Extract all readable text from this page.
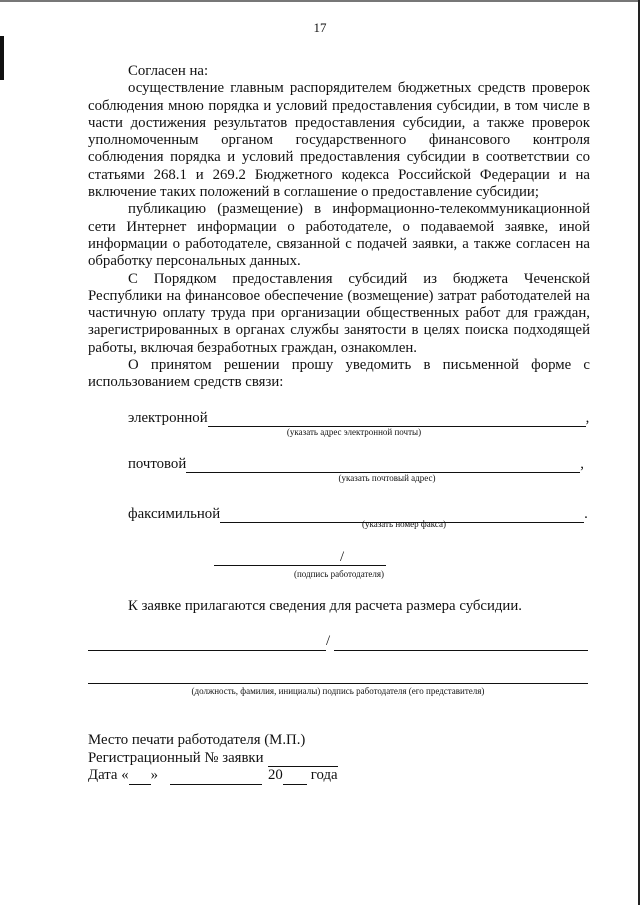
17

Согласен на:

осуществление главным распорядителем бюджетных средств проверок соблюдения мною порядка и условий предоставления субсидии, в том числе в части достижения результатов предоставления субсидии, а также проверок уполномоченным органом государственного финансового контроля соблюдения порядка и условий предоставления субсидии в соответствии со статьями 268.1 и 269.2 Бюджетного кодекса Российской Федерации и на включение таких положений в соглашение о предоставление субсидии;

публикацию (размещение) в информационно-телекоммуникационной сети Интернет информации о работодателе, о подаваемой заявке, иной информации о работодателе, связанной с подачей заявки, а также согласен на обработку персональных данных.

С Порядком предоставления субсидий из бюджета Чеченской Республики на финансовое обеспечение (возмещение) затрат работодателей на частичную оплату труда при организации общественных работ для граждан, зарегистрированных в органах службы занятости в целях поиска подходящей работы, включая безработных граждан, ознакомлен.

О принятом решении прошу уведомить в письменной форме с использованием средств связи:

электронной	,
(указать адрес электронной почты)
почтовой	,
(указать почтовый адрес)
факсимильной	.
(указать номер факса)
/
(подпись работодателя)
К заявке прилагаются сведения для расчета размера субсидии.
/
(должность, фамилия, инициалы) подпись работодателя (его представителя)
Место печати работодателя (М.П.)
Регистрационный № заявки
Дата « »	20 года
